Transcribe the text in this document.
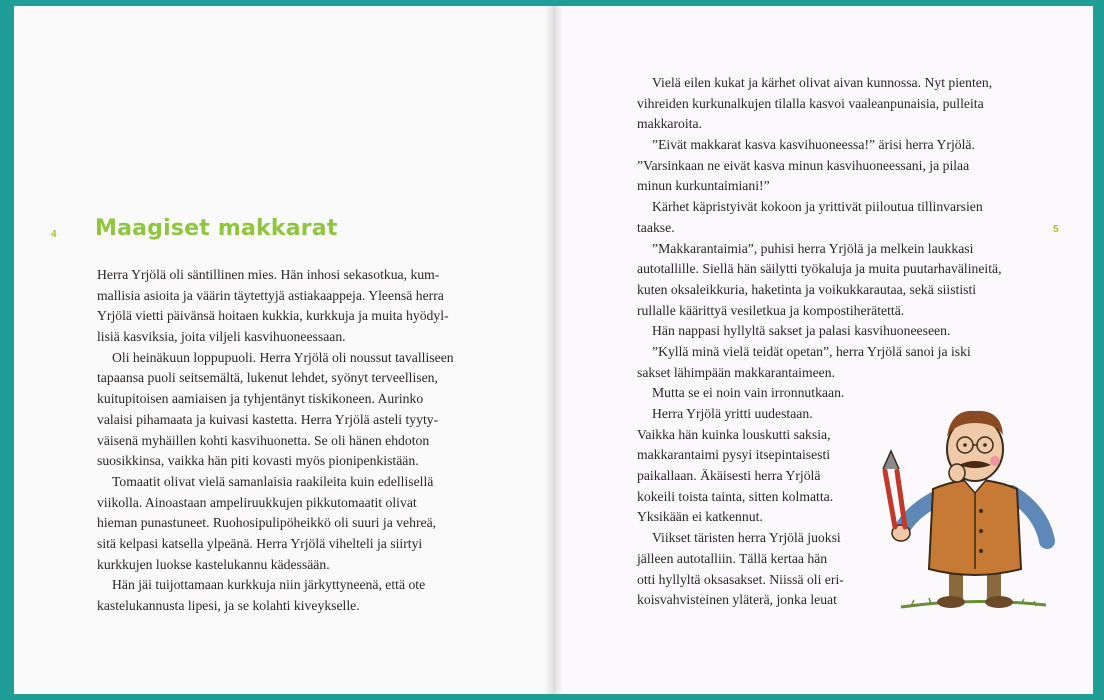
4 Maagiset makkarat
Herra Yrjölä oli säntillinen mies. Hän inhosi sekasotkua, kum-
mallisia asioita ja väärin täytettyjä astiakaappeja. Yleensä herra
Yrjölä vietti päivänsä hoitaen kukkia, kurkkuja ja muita hyödyl-
lisiä kasviksia, joita viljeli kasvihuoneessaan.
Oli heinäkuun loppupuoli. Herra Yrjölä oli noussut tavalliseen
tapaansa puoli seitsemältä, lukenut lehdet, syönyt terveellisen,
kuitupitoisen aamiaisen ja tyhjentänyt tiskikoneen. Aurinko
valaisi pihamaata ja kuivasi kastetta. Herra Yrjölä asteli tyyty-
väisenä myhäillen kohti kasvihuonetta. Se oli hänen ehdoton
suosikkinsa, vaikka hän piti kovasti myös pionipenkistään.
Tomaatit olivat vielä samanlaisia raakileita kuin edellisellä
viikolla. Ainoastaan ampeliruukkujen pikkutomaatit olivat
hieman punastuneet. Ruohosipulipöheikkö oli suuri ja vehreä,
sitä kelpasi katsella ylpeänä. Herra Yrjölä viheltеli ja siirtyi
kurkkujen luokse kastelukannu kädessään.
Hän jäi tuijottamaan kurkkuja niin järkyttyneenä, että ote
kastelukannusta lipesi, ja se kolahti kiveykselle.
5
Vielä eilen kukat ja kärhet olivat aivan kunnossa. Nyt pienten,
vihreiden kurkunalkujen tilalla kasvoi vaaleanpunaisia, pulleita
makkaroita.
”Eivät makkarat kasva kasvihuoneessa!” ärisi herra Yrjölä.
”Varsinkaan ne eivät kasva minun kasvihuoneessani, ja pilaa
minun kurkuntaimiani!”
Kärhet käpristyivät kokoon ja yrittivät piiloutua tillinvarsien
taakse.
”Makkarantaimia”, puhisi herra Yrjölä ja melkein laukkasi
autotallille. Siellä hän säilytti työkaluja ja muita puutarhavälineitä,
kuten oksaleikkuria, haketinta ja voikukkarautaa, sekä siististi
rullalle käärittyä vesiletkua ja kompostiherätettä.
Hän nappasi hyllyltä sakset ja palasi kasvihuoneeseen.
”Kyllä minä vielä teidät opetan”, herra Yrjölä sanoi ja iski
sakset lähimpään makkarantaimeen.
Mutta se ei noin vain irronnutkaan.
Herra Yrjölä yritti uudestaan.
Vaikka hän kuinka louskutti saksia,
makkarantaimi pysyi itsepintaisesti
paikallaan. Äkäisesti herra Yrjölä
kokeili toista tainta, sitten kolmatta.
Yksikään ei katkennut.
Viikset täristen herra Yrjölä juoksi
jälleen autotalliin. Tällä kertaa hän
otti hyllyltä oksasakset. Niissä oli eri-
koisvahvisteinen yläterä, jonka leuat
